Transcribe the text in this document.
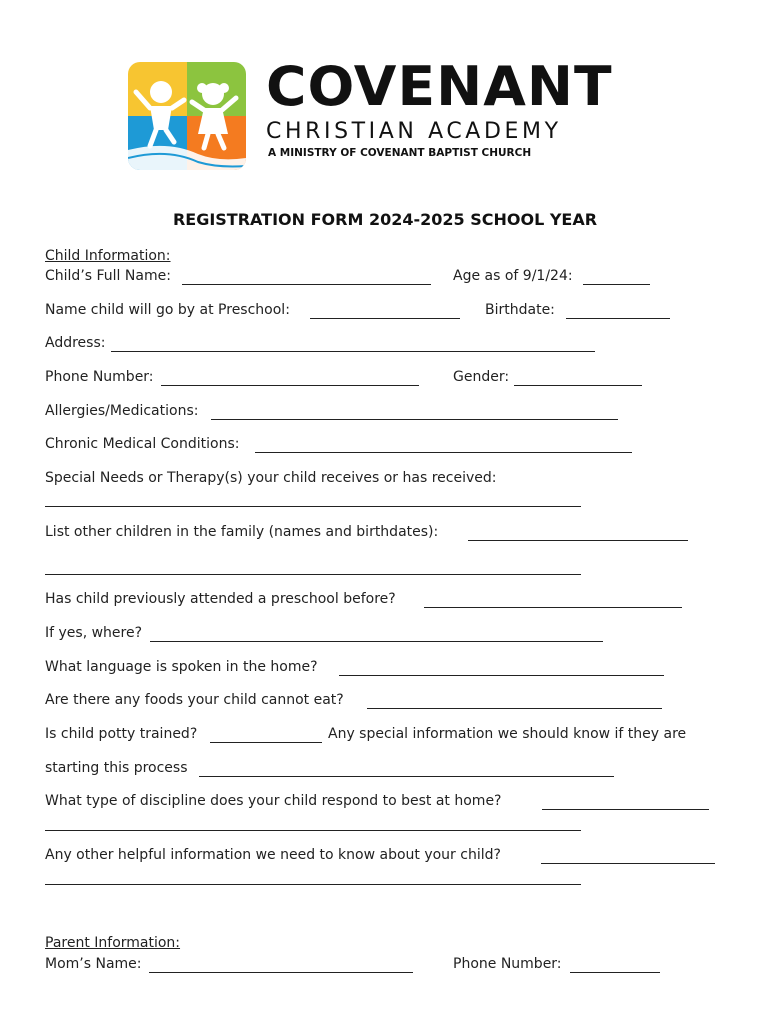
COVENANT
CHRISTIAN ACADEMY
A MINISTRY OF COVENANT BAPTIST CHURCH
REGISTRATION FORM 2024-2025 SCHOOL YEAR
Child Information:
Child’s Full Name:	Age as of 9/1/24:
Name child will go by at Preschool:	Birthdate:
Address:
Phone Number:	Gender:
Allergies/Medications:
Chronic Medical Conditions:
Special Needs or Therapy(s) your child receives or has received:
List other children in the family (names and birthdates):
Has child previously attended a preschool before?
If yes, where?
What language is spoken in the home?
Are there any foods your child cannot eat?
Is child potty trained?	Any special information we should know if they are
starting this process
What type of discipline does your child respond to best at home?
Any other helpful information we need to know about your child?
Parent Information:
Mom’s Name:	Phone Number:
